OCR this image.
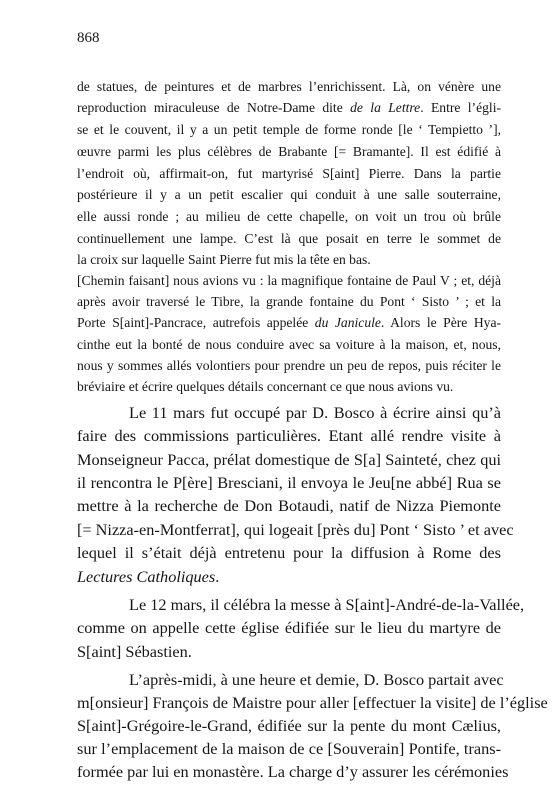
868
de statues, de peintures et de marbres l’enrichissent. Là, on vénère une
reproduction miraculeuse de Notre-Dame dite de la Lettre. Entre l’égli-
se et le couvent, il y a un petit temple de forme ronde [le ‘ Tempietto ’],
œuvre parmi les plus célèbres de Brabante [= Bramante]. Il est édifié à
l’endroit où, affirmait-on, fut martyrisé S[aint] Pierre. Dans la partie
postérieure il y a un petit escalier qui conduit à une salle souterraine,
elle aussi ronde ; au milieu de cette chapelle, on voit un trou où brûle
continuellement une lampe. C’est là que posait en terre le sommet de
la croix sur laquelle Saint Pierre fut mis la tête en bas.
[Chemin faisant] nous avions vu : la magnifique fontaine de Paul V ; et, déjà
après avoir traversé le Tibre, la grande fontaine du Pont ‘ Sisto ’ ; et la
Porte S[aint]-Pancrace, autrefois appelée du Janicule. Alors le Père Hya-
cinthe eut la bonté de nous conduire avec sa voiture à la maison, et, nous,
nous y sommes allés volontiers pour prendre un peu de repos, puis réciter le
bréviaire et écrire quelques détails concernant ce que nous avions vu.
Le 11 mars fut occupé par D. Bosco à écrire ainsi qu’à
faire des commissions particulières. Etant allé rendre visite à
Monseigneur Pacca, prélat domestique de S[a] Sainteté, chez qui
il rencontra le P[ère] Bresciani, il envoya le Jeu[ne abbé] Rua se
mettre à la recherche de Don Botaudi, natif de Nizza Piemonte
[= Nizza-en-Montferrat], qui logeait [près du] Pont ‘ Sisto ’ et avec
lequel il s’était déjà entretenu pour la diffusion à Rome des
Lectures Catholiques.
Le 12 mars, il célébra la messe à S[aint]-André-de-la-Vallée,
comme on appelle cette église édifiée sur le lieu du martyre de
S[aint] Sébastien.
L’après-midi, à une heure et demie, D. Bosco partait avec
m[onsieur] François de Maistre pour aller [effectuer la visite] de l’église
S[aint]-Grégoire-le-Grand, édifiée sur la pente du mont Cælius,
sur l’emplacement de la maison de ce [Souverain] Pontife, trans-
formée par lui en monastère. La charge d’y assurer les cérémonies
